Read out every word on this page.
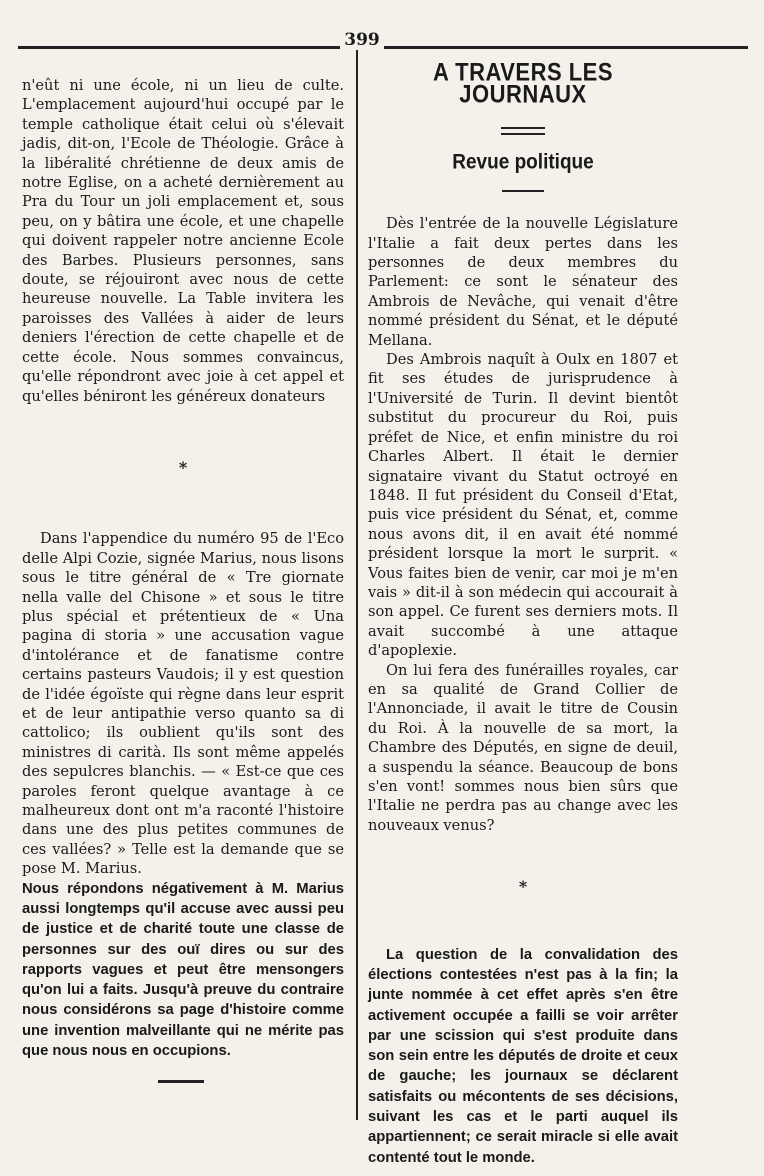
399

n'eût ni une école, ni un lieu de culte. L'emplacement aujourd'hui occupé par le temple catholique était celui où s'élevait jadis, dit-on, l'Ecole de Théologie. Grâce à la libéralité chrétienne de deux amis de notre Eglise, on a acheté dernièrement au Pra du Tour un joli emplacement et, sous peu, on y bâtira une école, et une chapelle qui doivent rappeler notre ancienne Ecole des Barbes. Plusieurs personnes, sans doute, se réjouiront avec nous de cette heureuse nouvelle. La Table invitera les paroisses des Vallées à aider de leurs deniers l'érection de cette chapelle et de cette école. Nous sommes convaincus, qu'elle répondront avec joie à cet appel et qu'elles béniront les généreux donateurs

*

Dans l'appendice du numéro 95 de l'Eco delle Alpi Cozie, signée Marius, nous lisons sous le titre général de « Tre giornate nella valle del Chisone » et sous le titre plus spécial et prétentieux de « Una pagina di storia » une accusation vague d'intolérance et de fanatisme contre certains pasteurs Vaudois; il y est question de l'idée égoïste qui règne dans leur esprit et de leur antipathie verso quanto sa di cattolico; ils oublient qu'ils sont des ministres di carità. Ils sont même appelés des sepulcres blanchis. — « Est-ce que ces paroles feront quelque avantage à ce malheureux dont ont m'a raconté l'histoire dans une des plus petites communes de ces vallées? » Telle est la demande que se pose M. Marius.

Nous répondons négativement à M. Marius aussi longtemps qu'il accuse avec aussi peu de justice et de charité toute une classe de personnes sur des ouï dires ou sur des rapports vagues et peut être mensongers qu'on lui a faits. Jusqu'à preuve du contraire nous considérons sa page d'histoire comme une invention malveillante qui ne mérite pas que nous nous en occupions.

A TRAVERS LES JOURNAUX
Revue politique

Dès l'entrée de la nouvelle Législature l'Italie a fait deux pertes dans les personnes de deux membres du Parlement: ce sont le sénateur des Ambrois de Nevâche, qui venait d'être nommé président du Sénat, et le député Mellana.

Des Ambrois naquît à Oulx en 1807 et fit ses études de jurisprudence à l'Université de Turin. Il devint bientôt substitut du procureur du Roi, puis préfet de Nice, et enfin ministre du roi Charles Albert. Il était le dernier signataire vivant du Statut octroyé en 1848. Il fut président du Conseil d'Etat, puis vice président du Sénat, et, comme nous avons dit, il en avait été nommé président lorsque la mort le surprit. « Vous faites bien de venir, car moi je m'en vais » dit-il à son médecin qui accourait à son appel. Ce furent ses derniers mots. Il avait succombé à une attaque d'apoplexie.

On lui fera des funérailles royales, car en sa qualité de Grand Collier de l'Annonciade, il avait le titre de Cousin du Roi. À la nouvelle de sa mort, la Chambre des Députés, en signe de deuil, a suspendu la séance. Beaucoup de bons s'en vont! sommes nous bien sûrs que l'Italie ne perdra pas au change avec les nouveaux venus?

*

La question de la convalidation des élections contestées n'est pas à la fin; la junte nommée à cet effet après s'en être activement occupée a failli se voir arrêter par une scission qui s'est produite dans son sein entre les députés de droite et ceux de gauche; les journaux se déclarent satisfaits ou mécontents de ses décisions, suivant les cas et le parti auquel ils appartiennent; ce serait miracle si elle avait contenté tout le monde.
